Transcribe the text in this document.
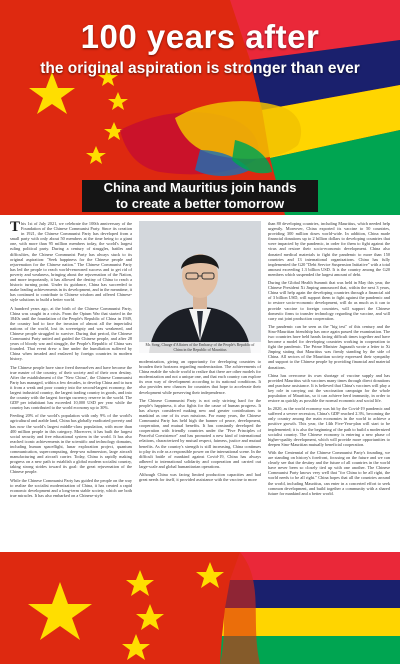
100 years after
the original aspiration is stronger than ever
China and Mauritius join hands
to create a better tomorrow

This 1st of July 2021, we celebrate the 100th anniversary of the Foundation of the Chinese Communist Party. Since its creation in 1921, the Chinese Communist Party has developed from a small party with only about 50 members at the time being to a giant one, with more than 95 million members today, the world's largest ruling political party. During a century of struggles, battles and difficulties, the Chinese Communist Party has always stuck to its original aspiration: "Seek happiness for the Chinese people and rejuvenation for the Chinese nation." The Chinese Communist Party has led the people to reach world-renowned success and to get rid of poverty and weakness, bringing about the rejuvenation of the Nation, and more importantly, it has allowed the destiny of China to reach a historic turning point. Under its guidance, China has succeeded to make leading achievements in its development, and in the meantime, it has continued to contribute to Chinese wisdom and offered Chinese-style solutions to build a better world.

A hundred years ago, at the birth of the Chinese Communist Party, China was caught in a crisis. From the Opium War that started in the 1840s until the foundation of the People's Republic of China in 1949, the country had to face the invasion of almost all the imperialist nations of the world, lost its sovereignty and was weakened, and Chinese people struggled to survive. During that period, the Chinese Communist Party united and guided the Chinese people, and after 28 years of bloody war and struggle, the People's Republic of China was founded. That event drew a line under the humiliation suffered by China when invaded and enslaved by foreign countries in modern history.

The Chinese people have since freed themselves and have become the true master of the country, of their society and of their own destiny. After the establishment of the "New China", the Chinese Communist Party has managed, within a few decades, to develop China and to turn it from a weak and poor country into the second-largest economy, the largest industrial country, the largest trading country in goods, and into the country with the largest foreign currency reserve in the world. The GDP per inhabitant has exceeded 10,000 USD per year while the country has contributed to the world economy up to 30%.

Feeding 20% of the world's population with only 9% of the world's agricultural and arable land, China has globally eradicated poverty and has now the world's largest middle-class population, with more than 400 million people in this category. Moreover, it has built the largest social security and free educational system in the world. It has also reached iconic achievements in the scientific and technology domains, including human spaceflight, lunar exploration project, quantum communication, supercomputing, deep-sea submersion, large aircraft manufacturing and aircraft carrier. Today, China is rapidly making progress on a new path to establish a global modern socialist country, taking strong strides toward its goal: the great rejuvenation of the Chinese people.

While the Chinese Communist Party has guided the people on the way to realize the socialist modernization of China, it has created a rapid economic development and a long-term stable society, which are both true miracles. It has also embarked on a Chinese-style

Mr. Song, Charge d'Affaires of the Embassy of the People's Republic of China in the Republic of Mauritius

modernization, giving an opportunity for developing countries to broaden their horizons regarding modernization. The achievements of China enable the whole world to realize that there are other models for modernization and not a unique one, and that each country can explore its own way of development according to its national conditions. It also provides new chances for countries that hope to accelerate their development while preserving their independence.

The Chinese Communist Party is not only striving hard for the people's happiness, it also fights for the cause of human progress. It has always considered making new and greater contributions to mankind as one of its own missions. For many years, the Chinese Communist Party has held high the banner of peace, development, cooperation, and mutual benefits. It has constantly developed the cooperation with friendly countries under the "Five Principles of Peaceful Coexistence" and has promoted a new kind of international relations, characterized by mutual respect, fairness, justice and mutual benefits. As the country's strength is still increasing, China continues to play its role as a responsible power on the international scene. In the difficult battle of mankind against Covid-19, China has always adhered to international solidarity and cooperation and carried out large-scale and global humanitarian operations.

Although China was facing limited production capacities and had great needs for itself, it provided assistance with the vaccine to more

than 80 developing countries, including Mauritius, which needed help urgently. Moreover, China exported its vaccine to 50 countries, providing 300 million doses world-wide. In addition, China made financial donations up to 2 billion dollars to developing countries that were impacted by the pandemic, in order for them to fight against the virus and restore their socio-economic development. China also donated medical materials to fight the pandemic to more than 150 countries and 13 international organizations. China has fully implemented the G20 "Debt Service Suspension Initiative" with a total amount exceeding 1.3 billion USD. It is the country among the G20 members which suspended the largest amount of debt.

During the Global Health Summit that was held in May this year, the Chinese President Xi Jinping announced that, within the next 3 years, China will help again the developing countries through a financial aid of 3 billion USD, will support them to fight against the pandemic and to restore socio-economic development, will do as much as it can to provide vaccine to foreign countries, will support the Chinese domestic firms to transfer technology regarding the vaccine, and will carry out joint production cooperation.

The pandemic can be seen as the "big test" of this century and the Sino-Mauritian friendship has once again passed the examination. The two countries have held hands facing difficult times together and have become a model for developing countries working in cooperation to fight the pandemic. The Prime Minister Jugnauth wrote a letter to Xi Jinping stating that Mauritius was firmly standing by the side of China. All sectors of the Mauritian society expressed their sympathy and support to the Chinese people by providing financial and material donations.

China has overcome its own shortage of vaccine supply and has provided Mauritius with vaccines many times through direct donations and purchase assistance. It is believed that China's vaccines will play a key role in carrying out the vaccination campaign for the whole population of Mauritius, so it can achieve herd immunity, in order to restore as quickly as possible the normal economic and social life.

In 2020, as the world economy was hit by the Covid-19 pandemic and suffered a severe recession, China's GDP reached 2.3%, becoming the only country among the main economies in the world to achieve a positive growth. This year, the 14th Five-Year-plan will start to be implemented; it is also the beginning of the path to build a modernized socialist country. The Chinese economy is entering a new phase of higher-quality development, which will provide more opportunities to deepen Sino-Mauritian mutually beneficial cooperation.

With the Centennial of the Chinese Communist Party's founding, we are standing on history's forefront, focusing on the future and we can clearly see that the destiny and the future of all countries in the world have never been so closely tied up with one another. The Chinese Communist Party knows very well that "for China to be all right, the world needs to be all right." China hopes that all the countries around the world, including Mauritius, can enter in a concerted effort to seek common development, and build together a community with a shared future for mankind and a better world.
